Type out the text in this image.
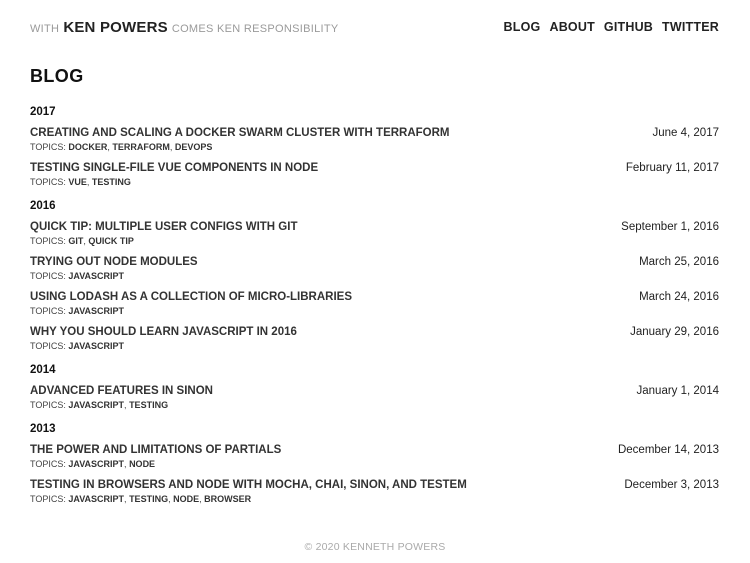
WITH KEN POWERS COMES KEN RESPONSIBILITY	BLOG ABOUT GITHUB TWITTER
BLOG
2017
CREATING AND SCALING A DOCKER SWARM CLUSTER WITH TERRAFORM
TOPICS: DOCKER, TERRAFORM, DEVOPS
June 4, 2017
TESTING SINGLE-FILE VUE COMPONENTS IN NODE
TOPICS: VUE, TESTING
February 11, 2017
2016
QUICK TIP: MULTIPLE USER CONFIGS WITH GIT
TOPICS: GIT, QUICK TIP
September 1, 2016
TRYING OUT NODE MODULES
TOPICS: JAVASCRIPT
March 25, 2016
USING LODASH AS A COLLECTION OF MICRO-LIBRARIES
TOPICS: JAVASCRIPT
March 24, 2016
WHY YOU SHOULD LEARN JAVASCRIPT IN 2016
TOPICS: JAVASCRIPT
January 29, 2016
2014
ADVANCED FEATURES IN SINON
TOPICS: JAVASCRIPT, TESTING
January 1, 2014
2013
THE POWER AND LIMITATIONS OF PARTIALS
TOPICS: JAVASCRIPT, NODE
December 14, 2013
TESTING IN BROWSERS AND NODE WITH MOCHA, CHAI, SINON, AND TESTEM
TOPICS: JAVASCRIPT, TESTING, NODE, BROWSER
December 3, 2013
© 2020 KENNETH POWERS
